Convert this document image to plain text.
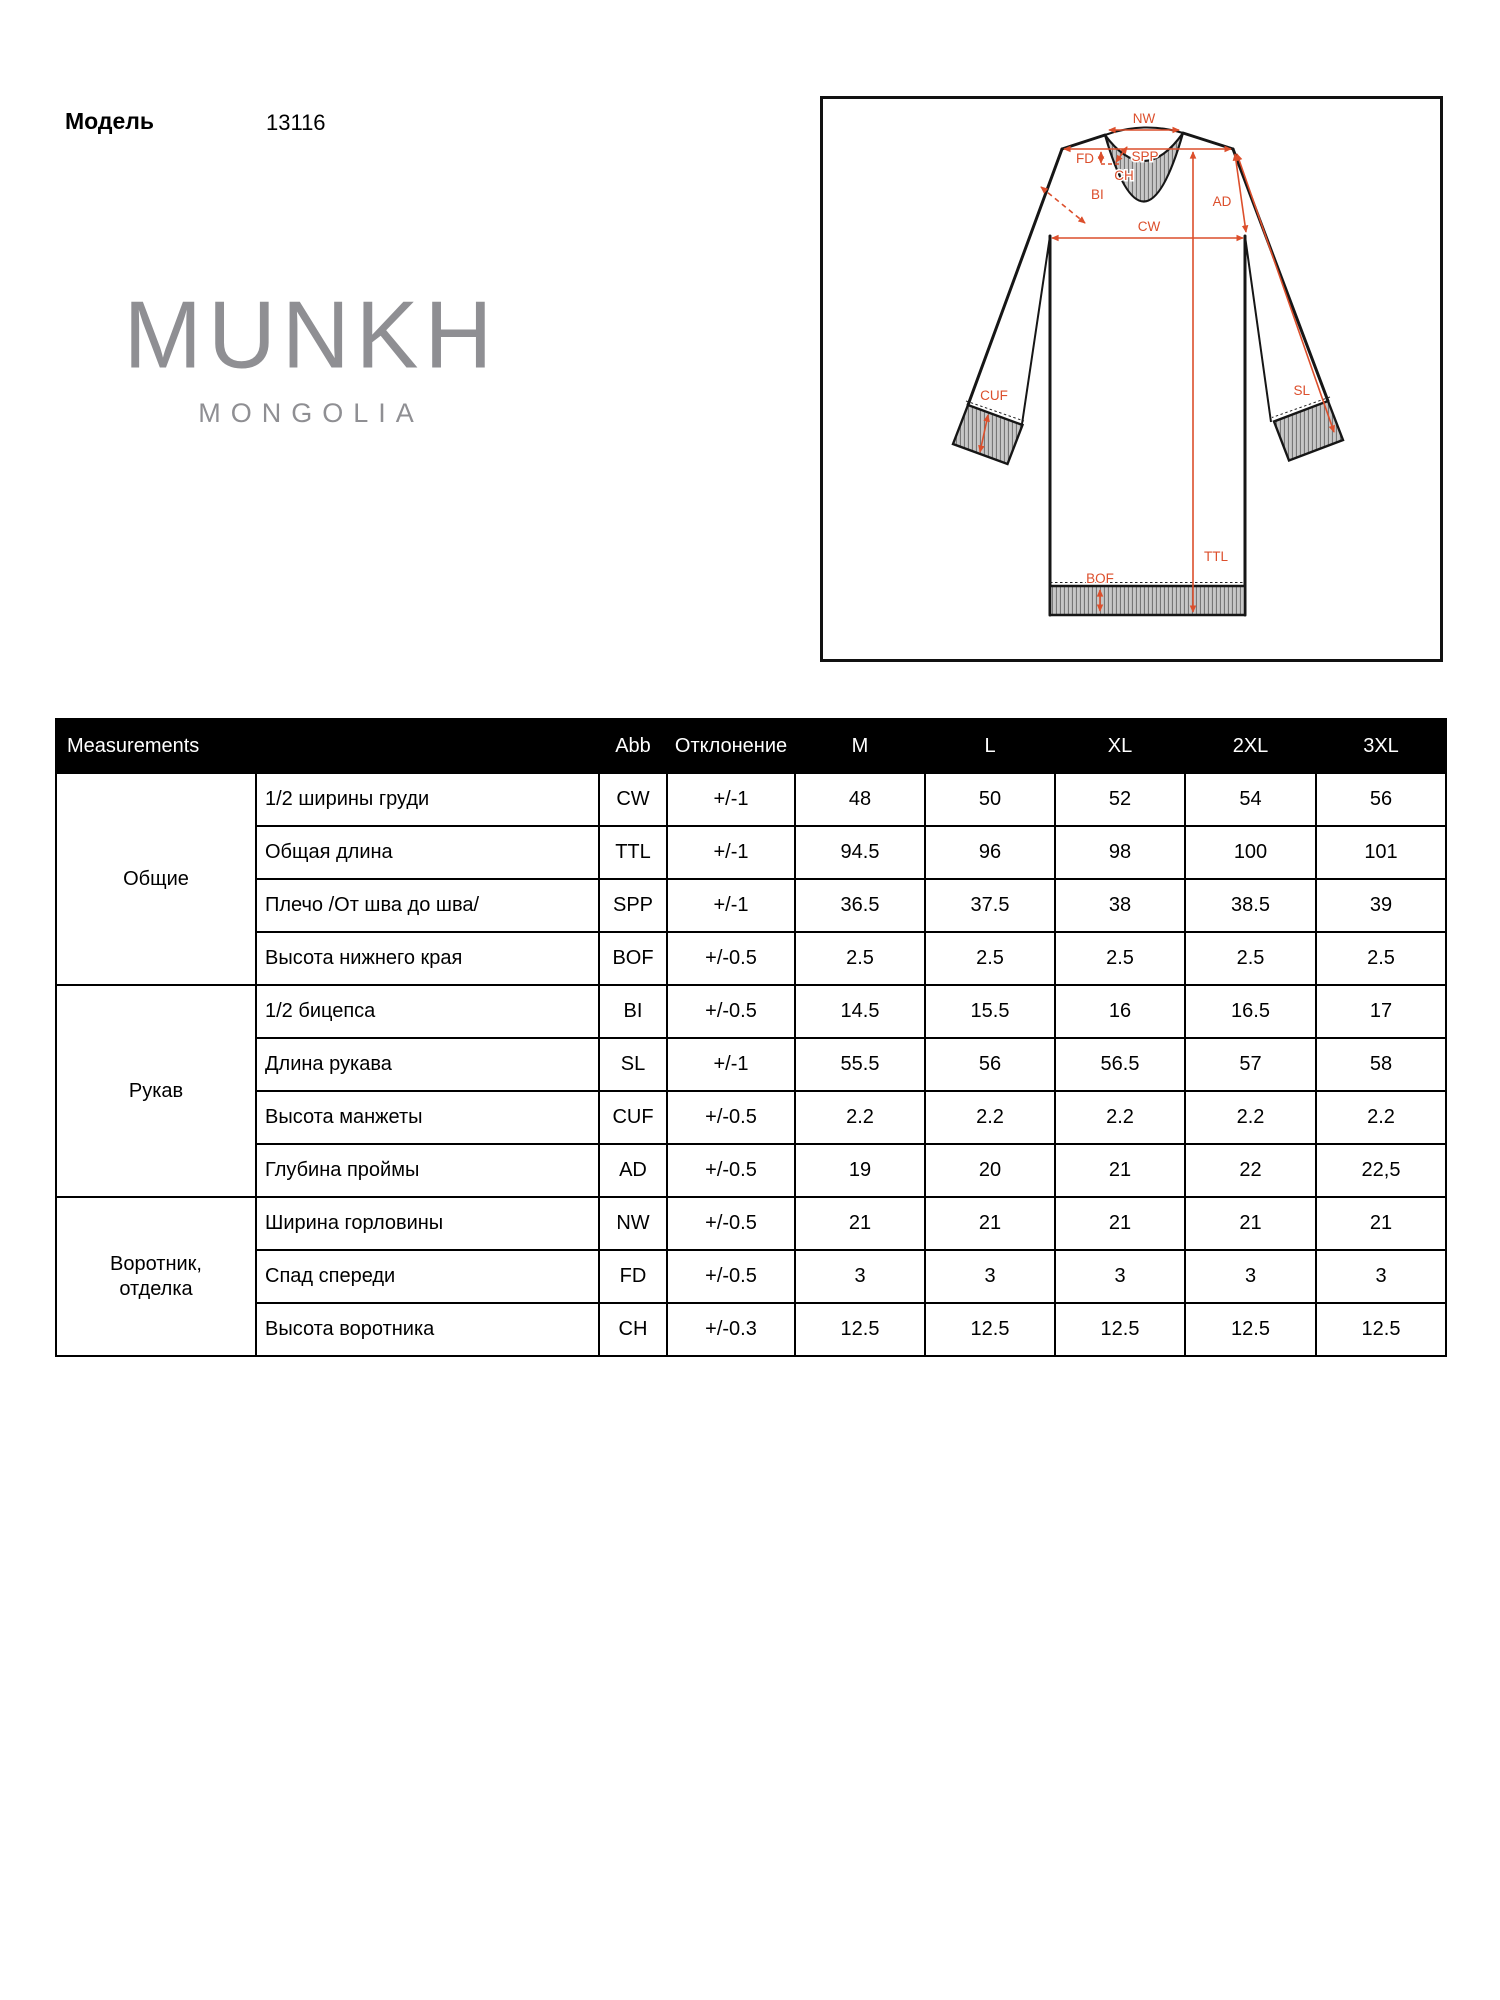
Модель	13116
MUNKH
MONGOLIA
NW
SPP
FD
CH
BI	AD
CW
SL
CUF
TTL
BOF
Measurements		Abb	Отклонение	M	L	XL	2XL	3XL
Общие	1/2 ширины груди	CW	+/-1	48	50	52	54	56
	Общая длина	TTL	+/-1	94.5	96	98	100	101
	Плечо /От шва до шва/	SPP	+/-1	36.5	37.5	38	38.5	39
	Высота нижнего края	BOF	+/-0.5	2.5	2.5	2.5	2.5	2.5
Рукав	1/2 бицепса	BI	+/-0.5	14.5	15.5	16	16.5	17
	Длина рукава	SL	+/-1	55.5	56	56.5	57	58
	Высота манжеты	CUF	+/-0.5	2.2	2.2	2.2	2.2	2.2
	Глубина проймы	AD	+/-0.5	19	20	21	22	22,5
Воротник, отделка	Ширина горловины	NW	+/-0.5	21	21	21	21	21
	Спад спереди	FD	+/-0.5	3	3	3	3	3
	Высота воротника	CH	+/-0.3	12.5	12.5	12.5	12.5	12.5
